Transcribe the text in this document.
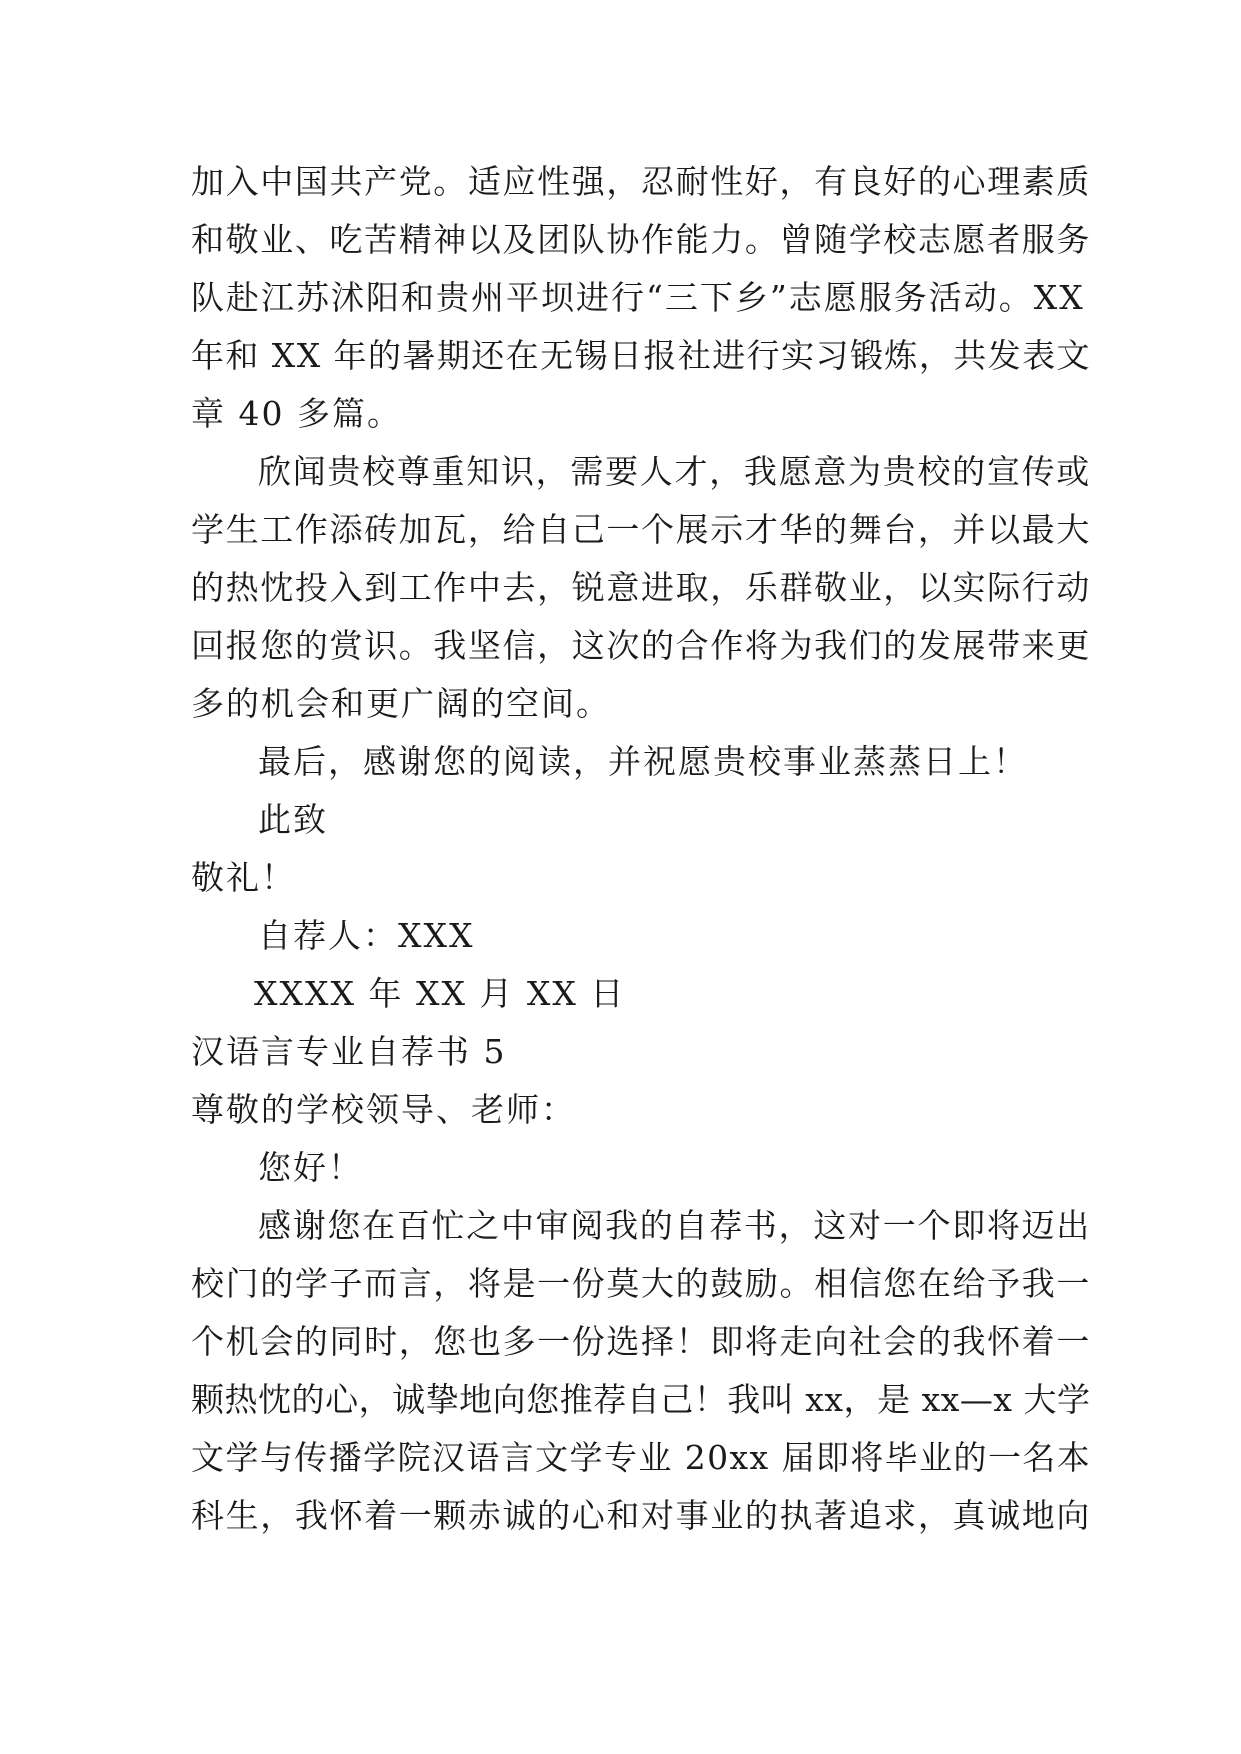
加入中国共产党。适应性强，忍耐性好，有良好的心理素质
和敬业、吃苦精神以及团队协作能力。曾随学校志愿者服务
队赴江苏沭阳和贵州平坝进行“三下乡”志愿服务活动。XX
年和 XX 年的暑期还在无锡日报社进行实习锻炼，共发表文
章 40 多篇。
欣闻贵校尊重知识，需要人才，我愿意为贵校的宣传或
学生工作添砖加瓦，给自己一个展示才华的舞台，并以最大
的热忱投入到工作中去，锐意进取，乐群敬业，以实际行动
回报您的赏识。我坚信，这次的合作将为我们的发展带来更
多的机会和更广阔的空间。
最后，感谢您的阅读，并祝愿贵校事业蒸蒸日上！
此致
敬礼！
自荐人：XXX
XXXX 年 XX 月 XX 日
汉语言专业自荐书 5
尊敬的学校领导、老师：
您好！
感谢您在百忙之中审阅我的自荐书，这对一个即将迈出
校门的学子而言，将是一份莫大的鼓励。相信您在给予我一
个机会的同时，您也多一份选择！即将走向社会的我怀着一
颗热忱的心，诚挚地向您推荐自己！我叫 xx，是 xx—x 大学
文学与传播学院汉语言文学专业 20xx 届即将毕业的一名本
科生，我怀着一颗赤诚的心和对事业的执著追求，真诚地向
